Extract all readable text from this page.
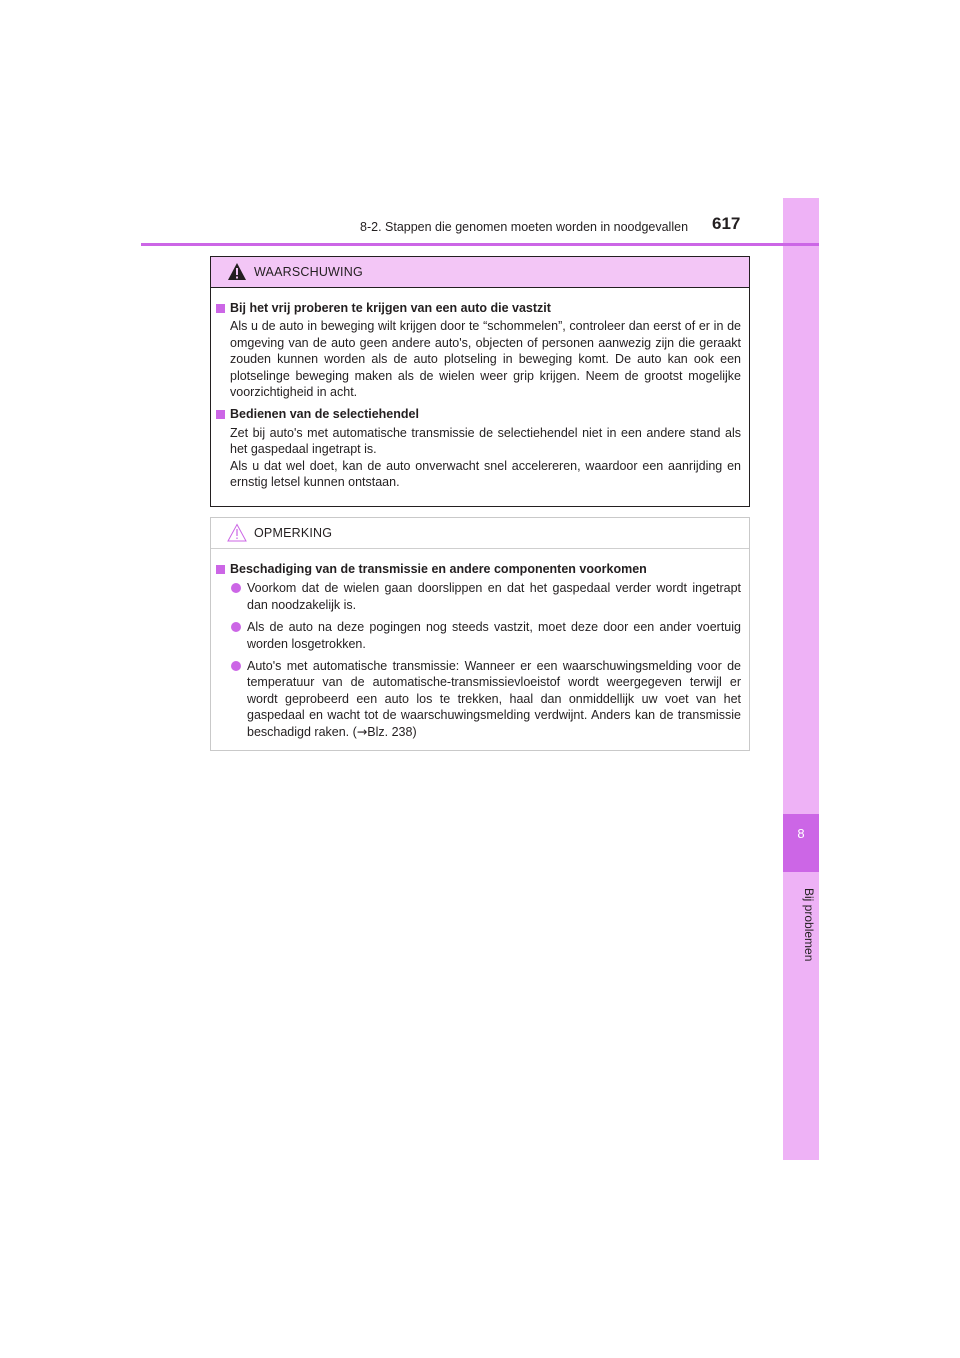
8
Bij problemen
8-2. Stappen die genomen moeten worden in noodgevallen 617
WAARSCHUWING
Bij het vrij proberen te krijgen van een auto die vastzit
Als u de auto in beweging wilt krijgen door te “schommelen”, controleer dan eerst of er in de omgeving van de auto geen andere auto's, objecten of personen aanwezig zijn die geraakt zouden kunnen worden als de auto plotseling in beweging komt. De auto kan ook een plotselinge beweging maken als de wielen weer grip krijgen. Neem de grootst mogelijke voorzichtigheid in acht.
Bedienen van de selectiehendel
Zet bij auto's met automatische transmissie de selectiehendel niet in een andere stand als het gaspedaal ingetrapt is.
Als u dat wel doet, kan de auto onverwacht snel accelereren, waardoor een aanrijding en ernstig letsel kunnen ontstaan.
OPMERKING
Beschadiging van de transmissie en andere componenten voorkomen
Voorkom dat de wielen gaan doorslippen en dat het gaspedaal verder wordt ingetrapt dan noodzakelijk is.
Als de auto na deze pogingen nog steeds vastzit, moet deze door een ander voertuig worden losgetrokken.
Auto's met automatische transmissie: Wanneer er een waarschuwingsmelding voor de temperatuur van de automatische-transmissievloeistof wordt weergegeven terwijl er wordt geprobeerd een auto los te trekken, haal dan onmiddellijk uw voet van het gaspedaal en wacht tot de waarschuwingsmelding verdwijnt. Anders kan de transmissie beschadigd raken. (→Blz. 238)
